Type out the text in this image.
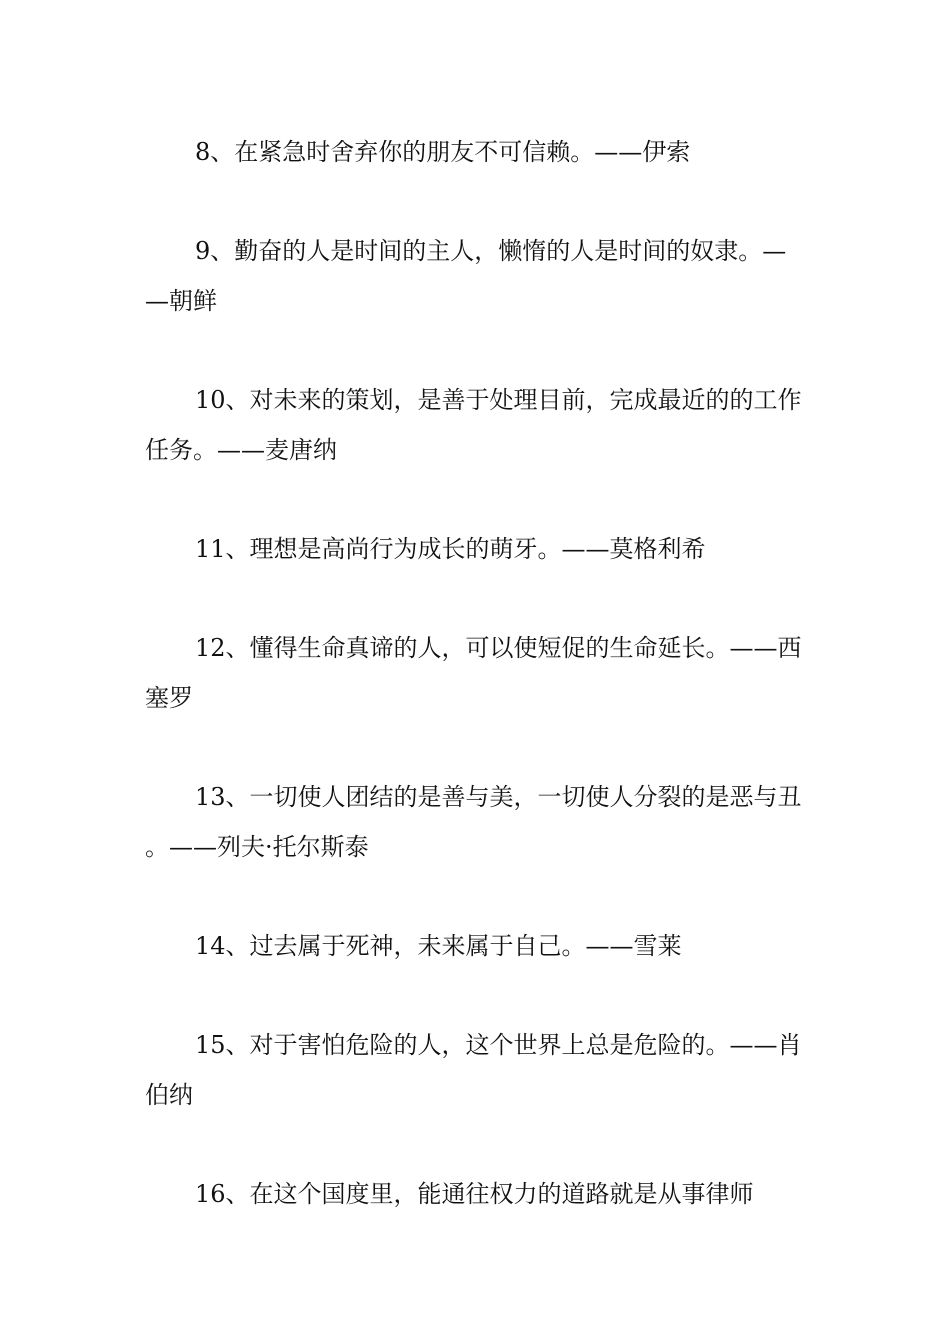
8、在紧急时舍弃你的朋友不可信赖。——伊索

9、勤奋的人是时间的主人，懒惰的人是时间的奴隶。——朝鲜

10、对未来的策划，是善于处理目前，完成最近的的工作任务。——麦唐纳

11、理想是高尚行为成长的萌牙。——莫格利希

12、懂得生命真谛的人，可以使短促的生命延长。——西塞罗

13、一切使人团结的是善与美，一切使人分裂的是恶与丑。——列夫·托尔斯泰

14、过去属于死神，未来属于自己。——雪莱

15、对于害怕危险的人，这个世界上总是危险的。——肖伯纳

16、在这个国度里，能通往权力的道路就是从事律师
